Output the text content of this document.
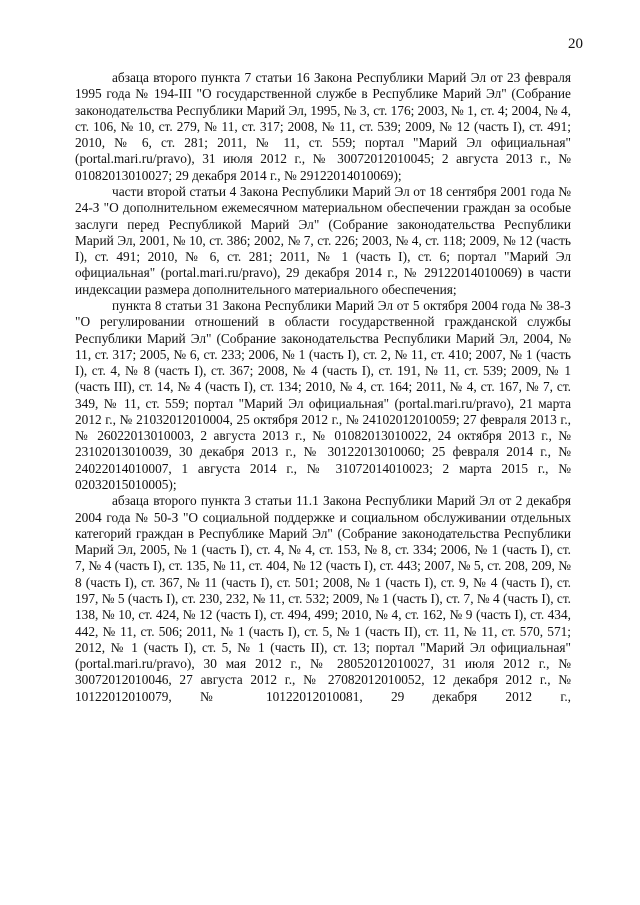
20

абзаца второго пункта 7 статьи 16 Закона Республики Марий Эл от 23 февраля 1995 года № 194-III "О государственной службе в Республике Марий Эл" (Собрание законодательства Республики Марий Эл, 1995, № 3, ст. 176; 2003, № 1, ст. 4; 2004, № 4, ст. 106, № 10, ст. 279, № 11, ст. 317; 2008, № 11, ст. 539; 2009, № 12 (часть I), ст. 491; 2010, № 6, ст. 281; 2011, № 11, ст. 559; портал "Марий Эл официальная" (portal.mari.ru/pravo), 31 июля 2012 г., № 30072012010045; 2 августа 2013 г., № 01082013010027; 29 декабря 2014 г., № 29122014010069);

части второй статьи 4 Закона Республики Марий Эл от 18 сентября 2001 года № 24-З "О дополнительном ежемесячном материальном обеспечении граждан за особые заслуги перед Республикой Марий Эл" (Собрание законодательства Республики Марий Эл, 2001, № 10, ст. 386; 2002, № 7, ст. 226; 2003, № 4, ст. 118; 2009, № 12 (часть I), ст. 491; 2010, № 6, ст. 281; 2011, № 1 (часть I), ст. 6; портал "Марий Эл официальная" (portal.mari.ru/pravo), 29 декабря 2014 г., № 29122014010069) в части индексации размера дополнительного материального обеспечения;

пункта 8 статьи 31 Закона Республики Марий Эл от 5 октября 2004 года № 38-З "О регулировании отношений в области государственной гражданской службы Республики Марий Эл" (Собрание законодательства Республики Марий Эл, 2004, № 11, ст. 317; 2005, № 6, ст. 233; 2006, № 1 (часть I), ст. 2, № 11, ст. 410; 2007, № 1 (часть I), ст. 4, № 8 (часть I), ст. 367; 2008, № 4 (часть I), ст. 191, № 11, ст. 539; 2009, № 1 (часть III), ст. 14, № 4 (часть I), ст. 134; 2010, № 4, ст. 164; 2011, № 4, ст. 167, № 7, ст. 349, № 11, ст. 559; портал "Марий Эл официальная" (portal.mari.ru/pravo), 21 марта 2012 г., № 21032012010004, 25 октября 2012 г., № 24102012010059; 27 февраля 2013 г., № 26022013010003, 2 августа 2013 г., № 01082013010022, 24 октября 2013 г., № 23102013010039, 30 декабря 2013 г., № 30122013010060; 25 февраля 2014 г., № 24022014010007, 1 августа 2014 г., № 31072014010023; 2 марта 2015 г., № 02032015010005);

абзаца второго пункта 3 статьи 11.1 Закона Республики Марий Эл от 2 декабря 2004 года № 50-З "О социальной поддержке и социальном обслуживании отдельных категорий граждан в Республике Марий Эл" (Собрание законодательства Республики Марий Эл, 2005, № 1 (часть I), ст. 4, № 4, ст. 153, № 8, ст. 334; 2006, № 1 (часть I), ст. 7, № 4 (часть I), ст. 135, № 11, ст. 404, № 12 (часть I), ст. 443; 2007, № 5, ст. 208, 209, № 8 (часть I), ст. 367, № 11 (часть I), ст. 501; 2008, № 1 (часть I), ст. 9, № 4 (часть I), ст. 197, № 5 (часть I), ст. 230, 232, № 11, ст. 532; 2009, № 1 (часть I), ст. 7, № 4 (часть I), ст. 138, № 10, ст. 424, № 12 (часть I), ст. 494, 499; 2010, № 4, ст. 162, № 9 (часть I), ст. 434, 442, № 11, ст. 506; 2011, № 1 (часть I), ст. 5, № 1 (часть II), ст. 11, № 11, ст. 570, 571; 2012, № 1 (часть I), ст. 5, № 1 (часть II), ст. 13; портал "Марий Эл официальная" (portal.mari.ru/pravo), 30 мая 2012 г., № 28052012010027, 31 июля 2012 г., № 30072012010046, 27 августа 2012 г., № 27082012010052, 12 декабря 2012 г., № 10122012010079, № 10122012010081, 29 декабря 2012 г.,
